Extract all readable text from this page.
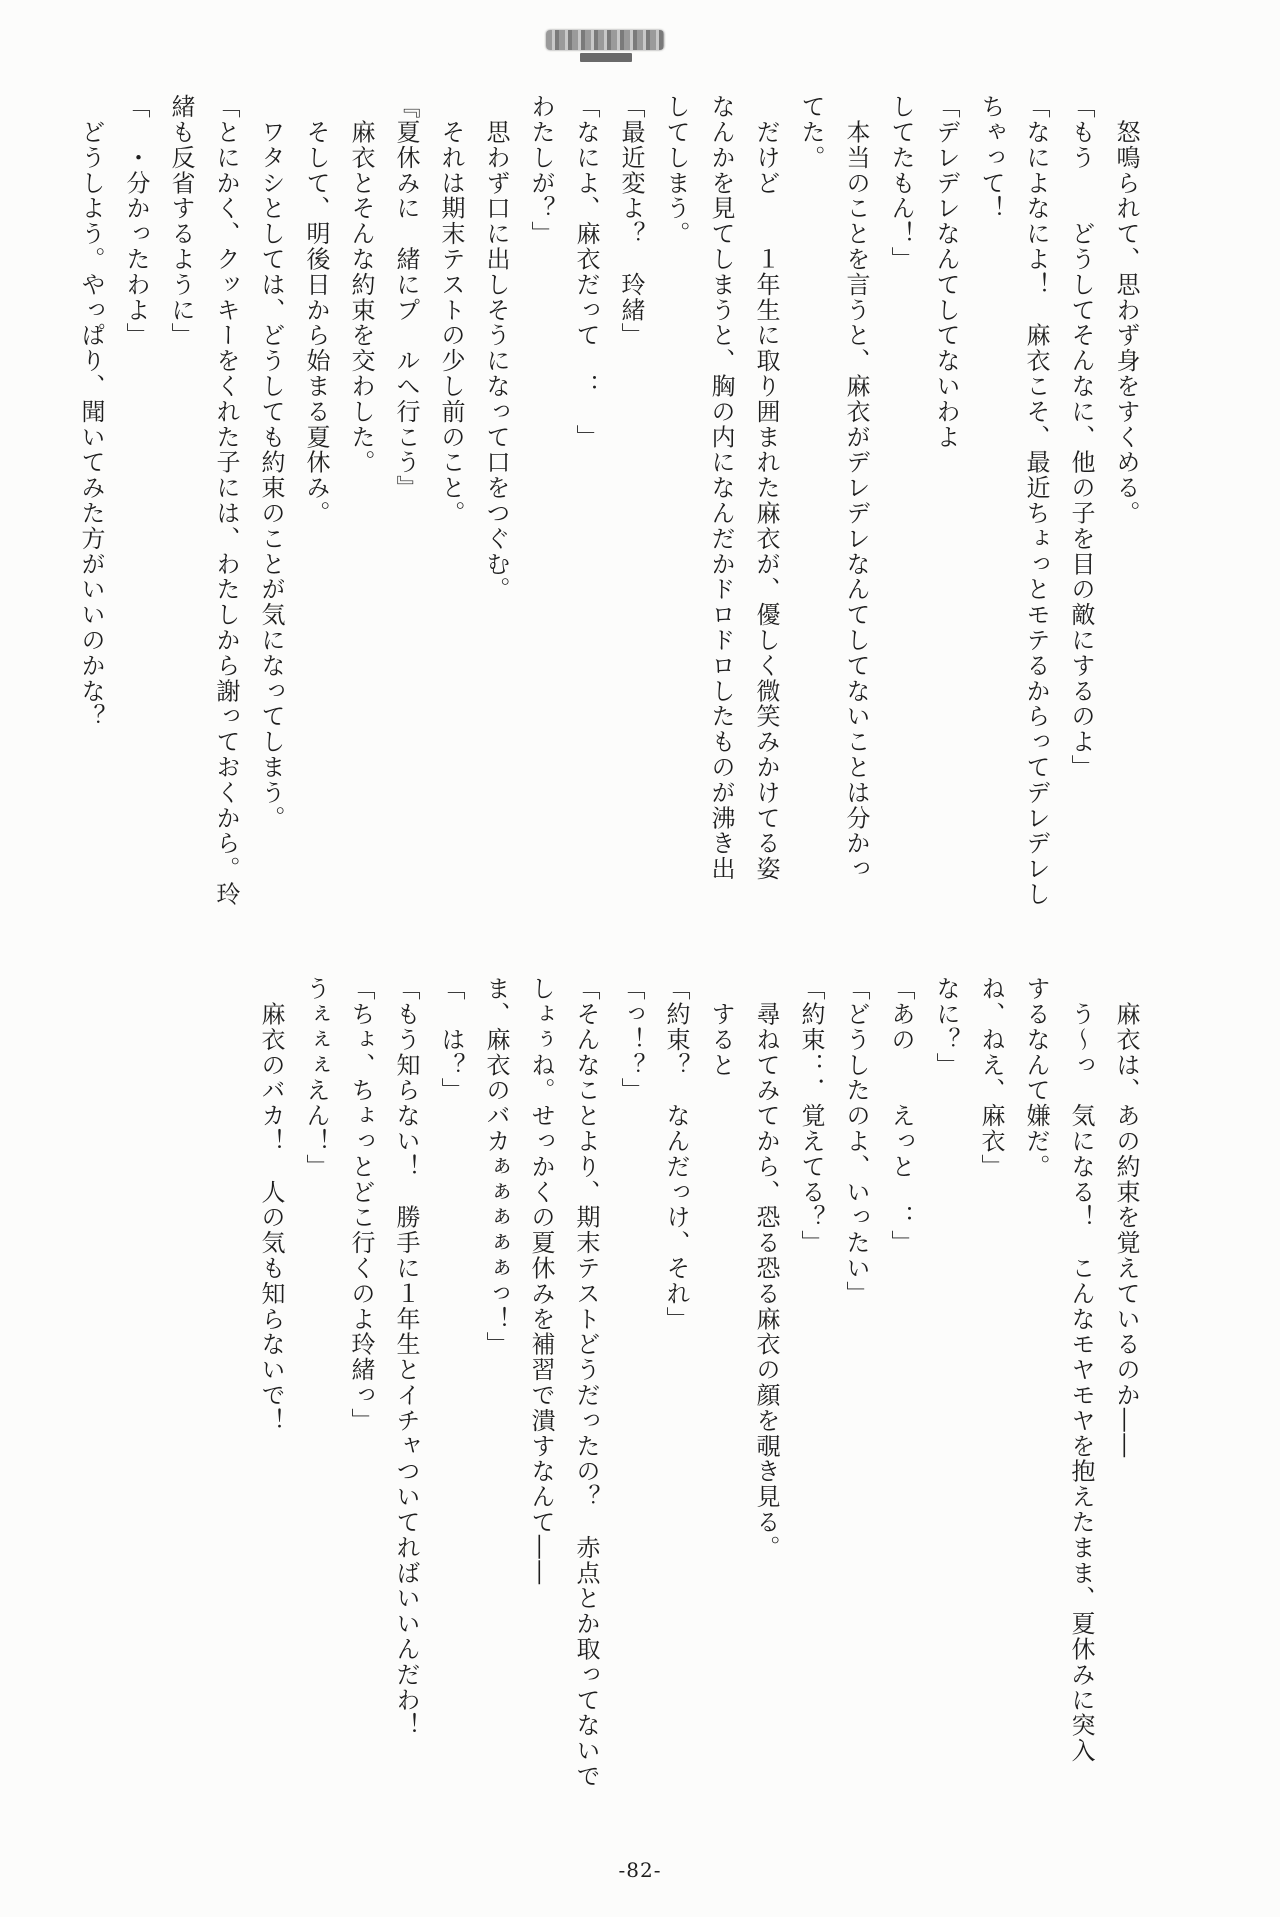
　怒鳴られて、思わず身をすくめる。
「もう　　どうしてそんなに、他の子を目の敵にするのよ」
「なによなによ！　麻衣こそ、最近ちょっとモテるからってデレデレし
ちゃって！
「デレデレなんてしてないわよ
してたもん！」
　本当のことを言うと、麻衣がデレデレなんてしてないことは分かっ
てた。
　だけど　　１年生に取り囲まれた麻衣が、優しく微笑みかけてる姿
なんかを見てしまうと、胸の内になんだかドロドロしたものが沸き出
してしまう。
「最近変よ？　玲緒」
「なによ、麻衣だって　：　」
わたしが？」
　思わず口に出しそうになって口をつぐむ。
　それは期末テストの少し前のこと。
『夏休みに　緒にプ　ルへ行こう』
　麻衣とそんな約束を交わした。
　そして、明後日から始まる夏休み。
　ワタシとしては、どうしても約束のことが気になってしまう。
「とにかく、クッキーをくれた子には、わたしから謝っておくから。玲
緒も反省するように」
「　・分かったわよ」
　どうしよう。やっぱり、聞いてみた方がいいのかな？
　麻衣は、あの約束を覚えているのか――
　う～っ　気になる！　こんなモヤモヤを抱えたまま、夏休みに突入
するなんて嫌だ。
ね、ねえ、麻衣」
なに？」
「あの　　えっと　：」
「どうしたのよ、いったい」
「約束：．覚えてる？」
　尋ねてみてから、恐る恐る麻衣の顔を覗き見る。
　すると
「約束？　なんだっけ、それ」
「っ！？」
「そんなことより、期末テストどうだったの？　赤点とか取ってないで
しょぅね。せっかくの夏休みを補習で潰すなんて――
ま、麻衣のバカぁぁぁぁぁっ！」
「　は？」
「もう知らない！　勝手に１年生とイチャついてればいいんだわ！
「ちょ、ちょっとどこ行くのよ玲緒っ」
うぇぇぇえん！」
　麻衣のバカ！　人の気も知らないで！
-82-
